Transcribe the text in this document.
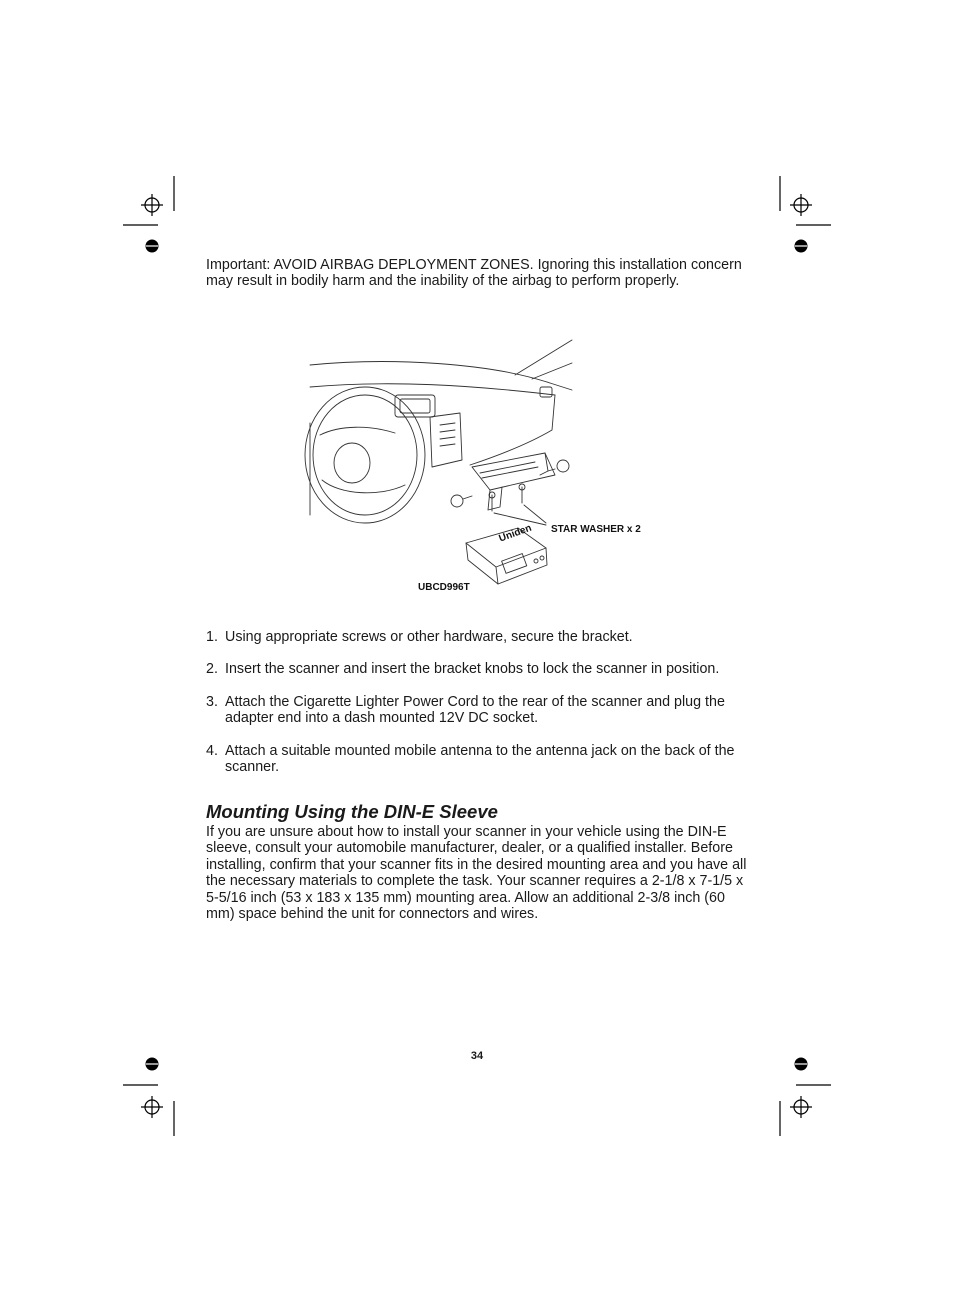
Important: AVOID AIRBAG DEPLOYMENT ZONES. Ignoring this installation concern may result in bodily harm and the inability of the airbag to perform properly.
STAR WASHER x 2
UBCD996T
Uniden
1. Using appropriate screws or other hardware, secure the bracket.
2. Insert the scanner and insert the bracket knobs to lock the scanner in position.
3. Attach the Cigarette Lighter Power Cord to the rear of the scanner and plug the adapter end into a dash mounted 12V DC socket.
4. Attach a suitable mounted mobile antenna to the antenna jack on the back of the scanner.
Mounting Using the DIN-E Sleeve
If you are unsure about how to install your scanner in your vehicle using the DIN-E sleeve, consult your automobile manufacturer, dealer, or a qualified installer. Before installing, confirm that your scanner fits in the desired mounting area and you have all the necessary materials to complete the task. Your scanner requires a 2-1/8 x 7-1/5 x 5-5/16 inch (53 x 183 x 135 mm) mounting area. Allow an additional 2-3/8 inch (60 mm) space behind the unit for connectors and wires.
34
